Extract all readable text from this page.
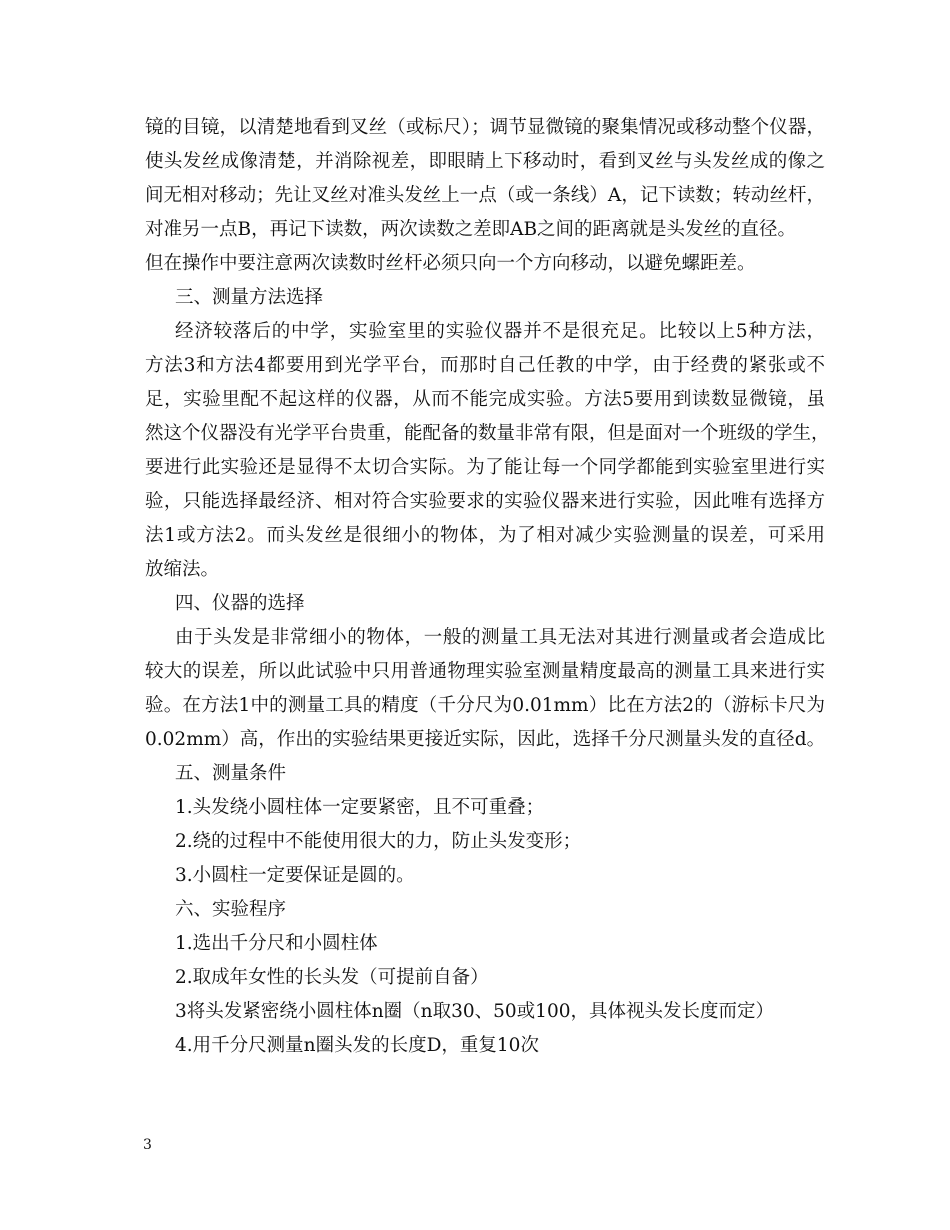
镜的目镜，以清楚地看到叉丝（或标尺）；调节显微镜的聚集情况或移动整个仪器，
使头发丝成像清楚，并消除视差，即眼睛上下移动时，看到叉丝与头发丝成的像之
间无相对移动；先让叉丝对准头发丝上一点（或一条线）A，记下读数；转动丝杆，
对准另一点B，再记下读数，两次读数之差即AB之间的距离就是头发丝的直径。
但在操作中要注意两次读数时丝杆必须只向一个方向移动，以避免螺距差。
三、测量方法选择
经济较落后的中学，实验室里的实验仪器并不是很充足。比较以上5种方法，
方法3和方法4都要用到光学平台，而那时自己任教的中学，由于经费的紧张或不
足，实验里配不起这样的仪器，从而不能完成实验。方法5要用到读数显微镜，虽
然这个仪器没有光学平台贵重，能配备的数量非常有限，但是面对一个班级的学生，
要进行此实验还是显得不太切合实际。为了能让每一个同学都能到实验室里进行实
验，只能选择最经济、相对符合实验要求的实验仪器来进行实验，因此唯有选择方
法1或方法2。而头发丝是很细小的物体，为了相对减少实验测量的误差，可采用
放缩法。
四、仪器的选择
由于头发是非常细小的物体，一般的测量工具无法对其进行测量或者会造成比
较大的误差，所以此试验中只用普通物理实验室测量精度最高的测量工具来进行实
验。在方法1中的测量工具的精度（千分尺为0.01mm）比在方法2的（游标卡尺为
0.02mm）高，作出的实验结果更接近实际，因此，选择千分尺测量头发的直径d。
五、测量条件
1.头发绕小圆柱体一定要紧密，且不可重叠；
2.绕的过程中不能使用很大的力，防止头发变形；
3.小圆柱一定要保证是圆的。
六、实验程序
1.选出千分尺和小圆柱体
2.取成年女性的长头发（可提前自备）
3将头发紧密绕小圆柱体n圈（n取30、50或100，具体视头发长度而定）
4.用千分尺测量n圈头发的长度D，重复10次
3
